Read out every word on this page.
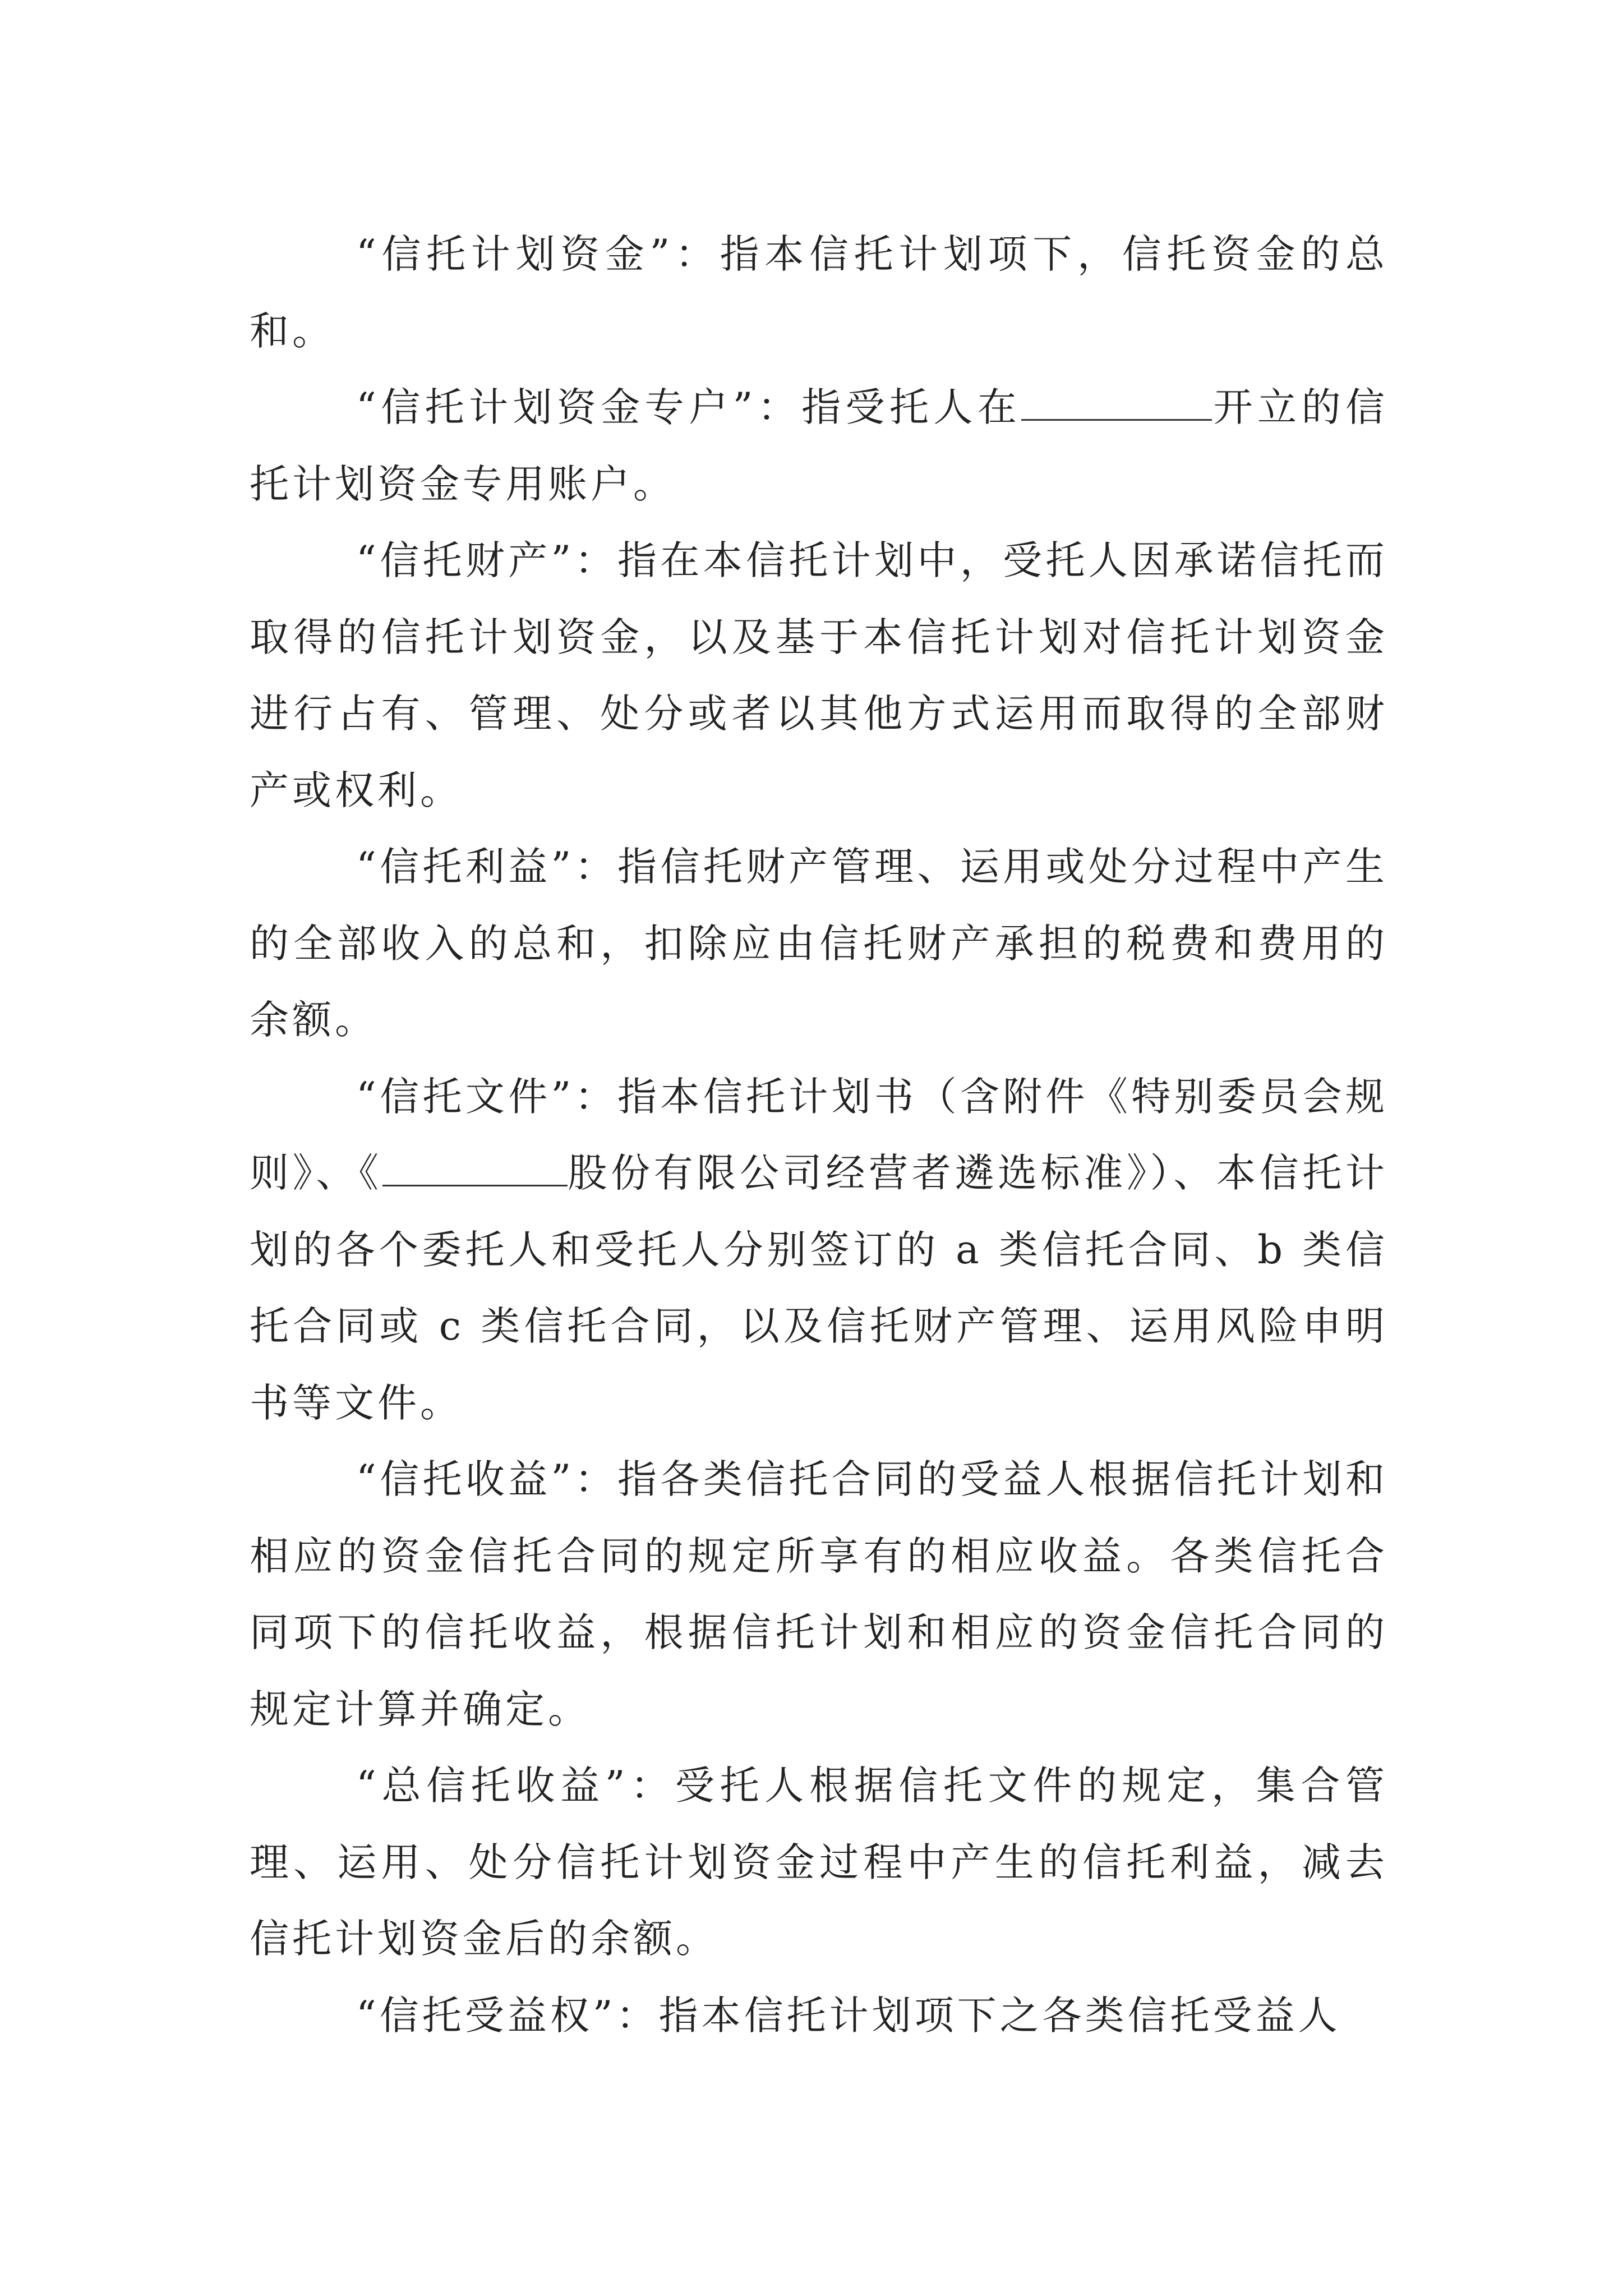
“信托计划资金”：指本信托计划项下，信托资金的总和。

“信托计划资金专户”：指受托人在	开立的信托计划资金专用账户。

“信托财产”：指在本信托计划中，受托人因承诺信托而取得的信托计划资金，以及基于本信托计划对信托计划资金进行占有、管理、处分或者以其他方式运用而取得的全部财产或权利。

“信托利益”：指信托财产管理、运用或处分过程中产生的全部收入的总和，扣除应由信托财产承担的税费和费用的余额。

“信托文件”：指本信托计划书（含附件《特别委员会规则》、《	股份有限公司经营者遴选标准》）、本信托计划的各个委托人和受托人分别签订的 a 类信托合同、b 类信托合同或 c 类信托合同，以及信托财产管理、运用风险申明书等文件。

“信托收益”：指各类信托合同的受益人根据信托计划和相应的资金信托合同的规定所享有的相应收益。各类信托合同项下的信托收益，根据信托计划和相应的资金信托合同的规定计算并确定。

“总信托收益”：受托人根据信托文件的规定，集合管理、运用、处分信托计划资金过程中产生的信托利益，减去信托计划资金后的余额。

“信托受益权”：指本信托计划项下之各类信托受益人
